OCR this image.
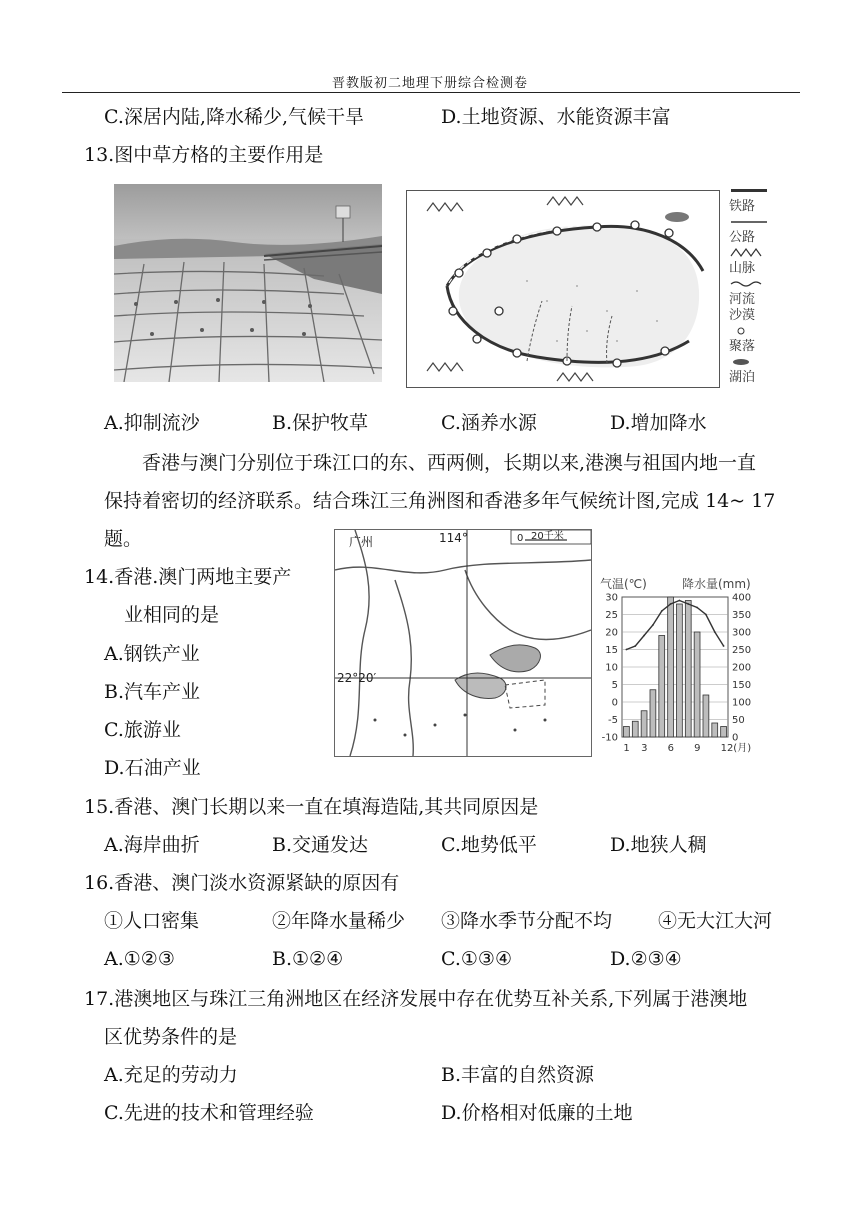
晋教版初二地理下册综合检测卷
C.深居内陆,降水稀少,气候干旱	D.土地资源、水能资源丰富
13.图中草方格的主要作用是
铁路
公路
山脉
河流
沙漠
聚落
湖泊
A.抑制流沙	B.保护牧草	C.涵养水源	D.增加降水
香港与澳门分别位于珠江口的东、西两侧，长期以来,港澳与祖国内地一直
保持着密切的经济联系。结合珠江三角洲图和香港多年气候统计图,完成 14~ 17
题。	0 20千米
广州	114°
22°20′
气温(℃)	降水量(mm)
30
25
20
15
10
5
0
-5
-10
400
350
300
250
200
150
100
50
0
1 3 6 9 12(月)
14.香港.澳门两地主要产
业相同的是
A.钢铁产业
B.汽车产业
C.旅游业
D.石油产业
15.香港、澳门长期以来一直在填海造陆,其共同原因是
A.海岸曲折	B.交通发达	C.地势低平	D.地狭人稠
16.香港、澳门淡水资源紧缺的原因有
①人口密集	②年降水量稀少 ③降水季节分配不均 ④无大江大河
A.①②③	B.①②④	C.①③④	D.②③④
17.港澳地区与珠江三角洲地区在经济发展中存在优势互补关系,下列属于港澳地
区优势条件的是
A.充足的劳动力	B.丰富的自然资源
C.先进的技术和管理经验	D.价格相对低廉的土地
